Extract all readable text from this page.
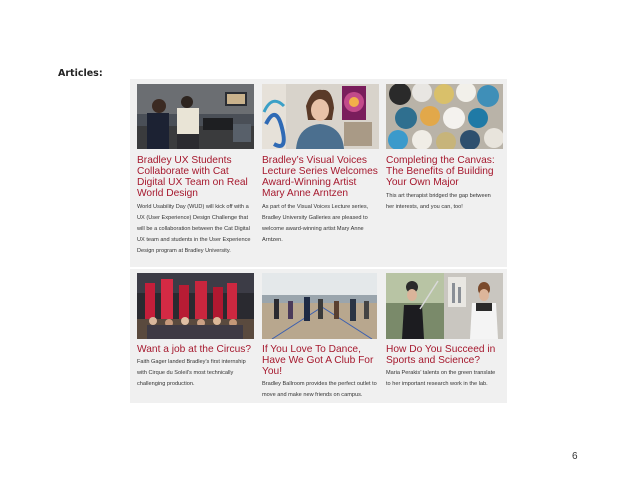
Articles:
Bradley UX Students Collaborate with Cat Digital UX Team on Real World Design
World Usability Day (WUD) will kick off with a UX (User Experience) Design Challenge that will be a collaboration between the Cat Digital UX team and students in the User Experience Design program at Bradley University.
Bradley’s Visual Voices Lecture Series Welcomes Award-Winning Artist Mary Anne Arntzen
As part of the Visual Voices Lecture series, Bradley University Galleries are pleased to welcome award-winning artist Mary Anne Arntzen.
Completing the Canvas: The Benefits of Building Your Own Major
This art therapist bridged the gap between her interests, and you can, too!
Want a job at the Circus?
Faith Gager landed Bradley’s first internship with Cirque du Soleil’s most technically challenging production.
If You Love To Dance, Have We Got A Club For You!
Bradley Ballroom provides the perfect outlet to move and make new friends on campus.
How Do You Succeed in Sports and Science?
Maria Perakis’ talents on the green translate to her important research work in the lab.
6
